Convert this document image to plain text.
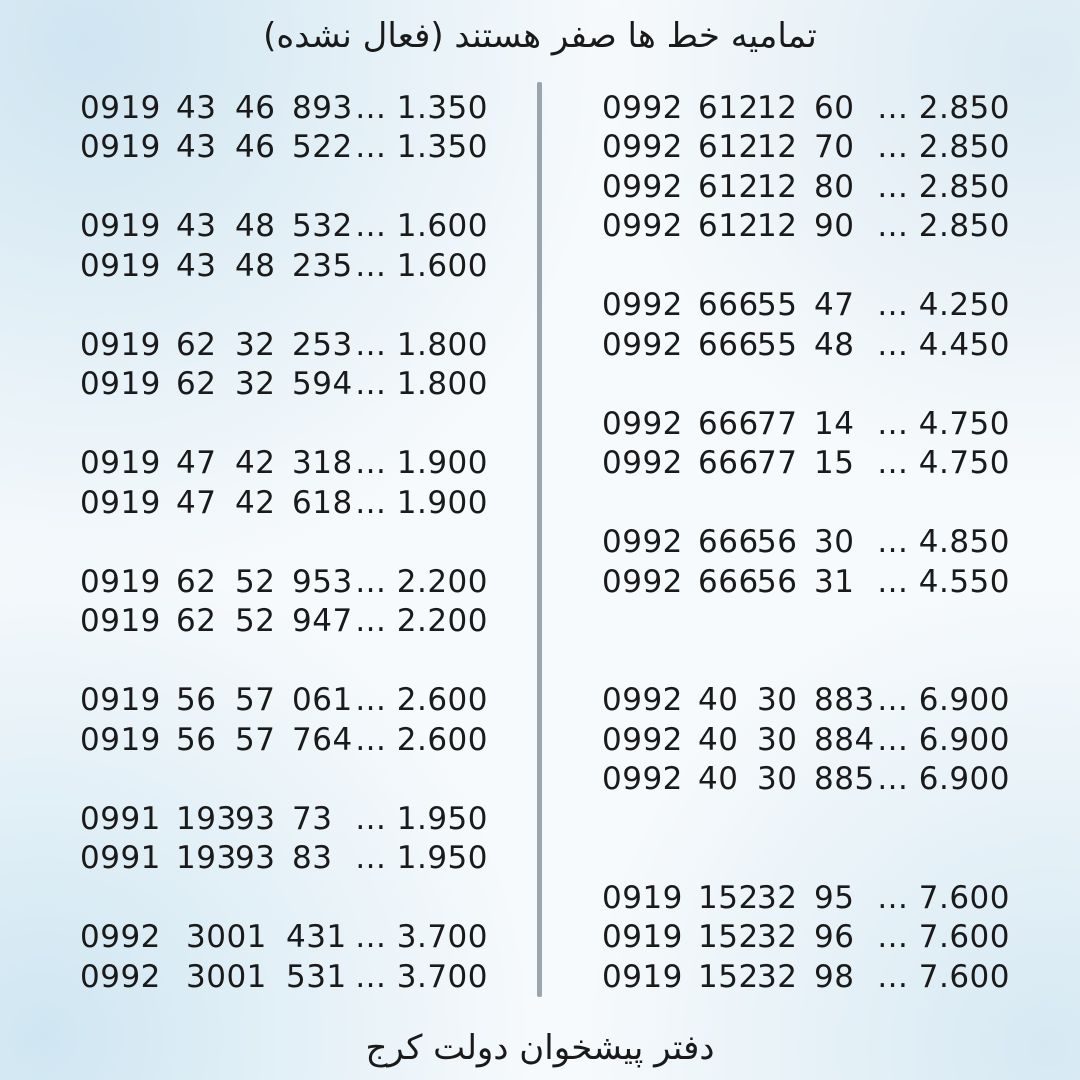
تمامیه خط ها صفر هستند (فعال نشده)
0919 43 46 893 ... 1.350
0919 43 46 522 ... 1.350
0919 43 48 532 ... 1.600
0919 43 48 235 ... 1.600
0919 62 32 253 ... 1.800
0919 62 32 594 ... 1.800
0919 47 42 318 ... 1.900
0919 47 42 618 ... 1.900
0919 62 52 953 ... 2.200
0919 62 52 947 ... 2.200
0919 56 57 061 ... 2.600
0919 56 57 764 ... 2.600
0991 193
93 73 ... 1.950
0991 193
93 83 ... 1.950
0992 3001 431 ... 3.700
0992 3001 531 ... 3.700
0992 612
12 60 ... 2.850
0992 612
12 70 ... 2.850
0992 612
12 80 ... 2.850
0992 612
12 90 ... 2.850
0992 666
55 47 ... 4.250
0992 666
55 48 ... 4.450
0992 666
77 14 ... 4.750
0992 666
77 15 ... 4.750
0992 666
56 30 ... 4.850
0992 666
56 31 ... 4.550
0992 40 30 883 ... 6.900
0992 40 30 884 ... 6.900
0992 40 30 885 ... 6.900
0919 152
32 95 ... 7.600
0919 152
32 96 ... 7.600
0919 152
32 98 ... 7.600
دفتر پیشخوان دولت کرج
